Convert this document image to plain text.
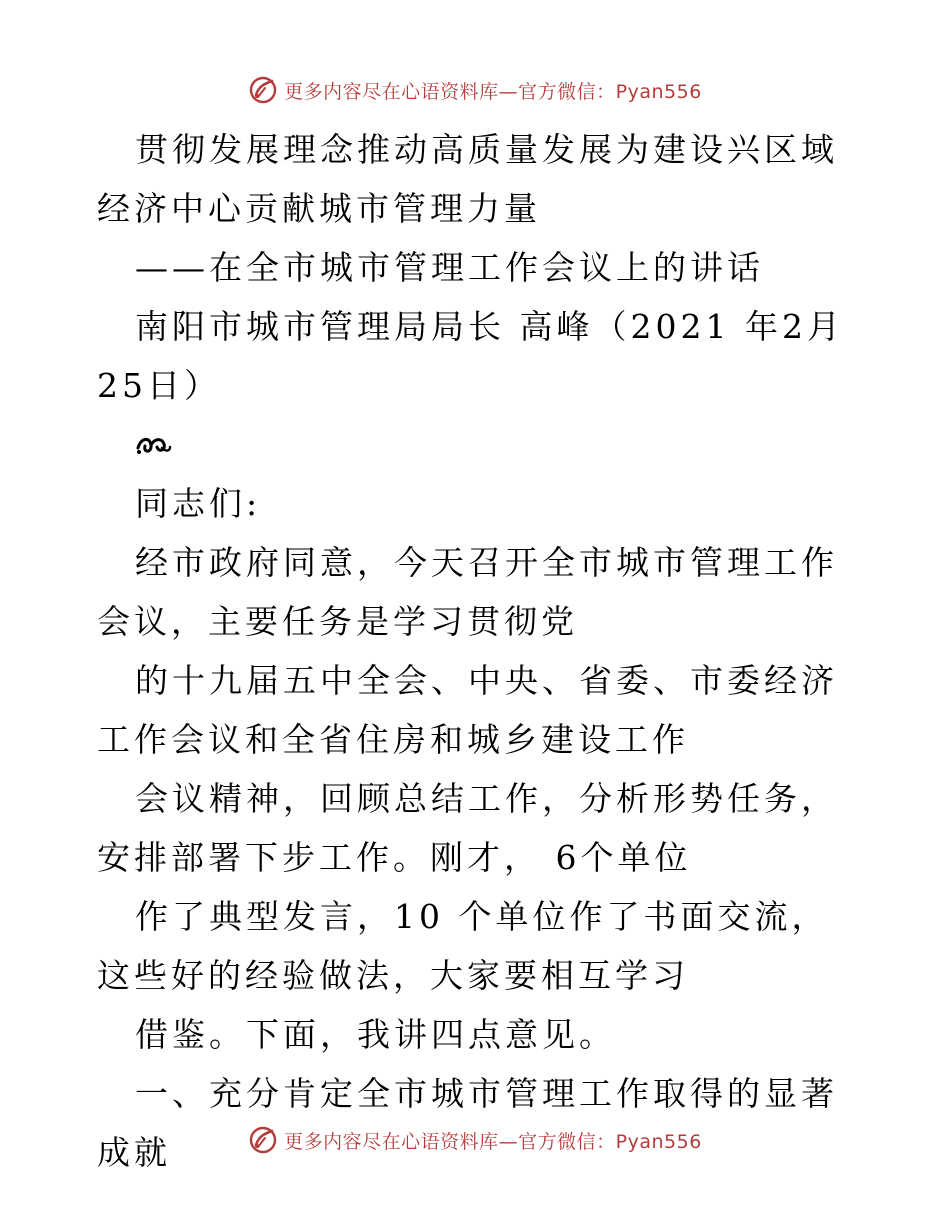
更多内容尽在心语资料库—官方微信：Pyan556

贯彻发展理念推动高质量发展为建设兴区域经济中心贡献城市管理力量

——在全市城市管理工作会议上的讲话

南阳市城市管理局局长 高峰（2021 年2月25日）

同志们:

经市政府同意，今天召开全市城市管理工作会议，主要任务是学习贯彻党

的十九届五中全会、中央、省委、市委经济工作会议和全省住房和城乡建设工作

会议精神，回顾总结工作，分析形势任务，安排部署下步工作。刚才， 6个单位

作了典型发言，10 个单位作了书面交流，这些好的经验做法，大家要相互学习

借鉴。下面，我讲四点意见。

一、充分肯定全市城市管理工作取得的显著成就	更多内容尽在心语资料库—官方微信：Pyan556
